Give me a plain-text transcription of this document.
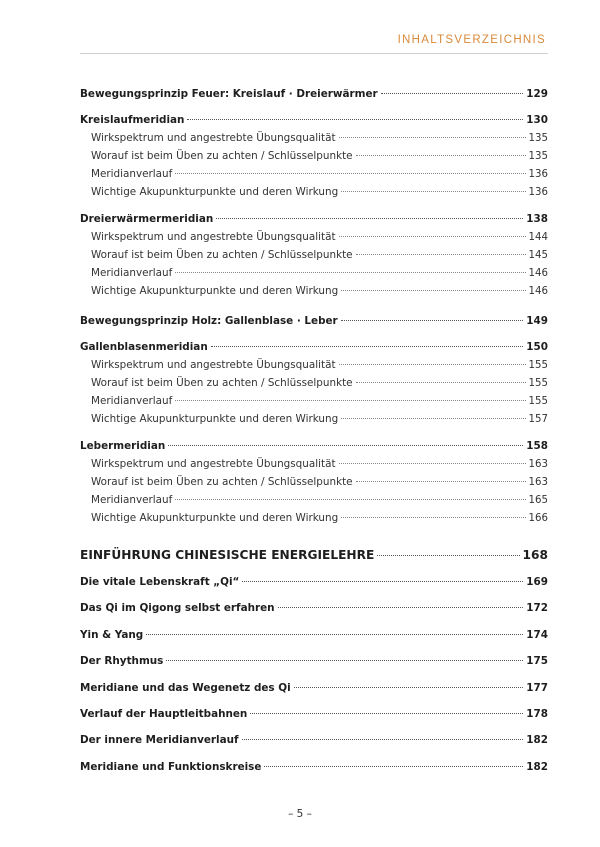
INHALTSVERZEICHNIS
Bewegungsprinzip Feuer: Kreislauf · Dreierwärmer	129
Kreislaufmeridian	130
Wirkspektrum und angestrebte Übungsqualität	135
Worauf ist beim Üben zu achten / Schlüsselpunkte	135
Meridianverlauf	136
Wichtige Akupunkturpunkte und deren Wirkung	136
Dreierwärmermeridian	138
Wirkspektrum und angestrebte Übungsqualität	144
Worauf ist beim Üben zu achten / Schlüsselpunkte	145
Meridianverlauf	146
Wichtige Akupunkturpunkte und deren Wirkung	146
Bewegungsprinzip Holz: Gallenblase · Leber	149
Gallenblasenmeridian	150
Wirkspektrum und angestrebte Übungsqualität	155
Worauf ist beim Üben zu achten / Schlüsselpunkte	155
Meridianverlauf	155
Wichtige Akupunkturpunkte und deren Wirkung	157
Lebermeridian	158
Wirkspektrum und angestrebte Übungsqualität	163
Worauf ist beim Üben zu achten / Schlüsselpunkte	163
Meridianverlauf	165
Wichtige Akupunkturpunkte und deren Wirkung	166
EINFÜHRUNG CHINESISCHE ENERGIELEHRE	168
Die vitale Lebenskraft „Qi“	169
Das Qi im Qigong selbst erfahren	172
Yin & Yang	174
Der Rhythmus	175
Meridiane und das Wegenetz des Qi	177
Verlauf der Hauptleitbahnen	178
Der innere Meridianverlauf	182
Meridiane und Funktionskreise	182
– 5 –
